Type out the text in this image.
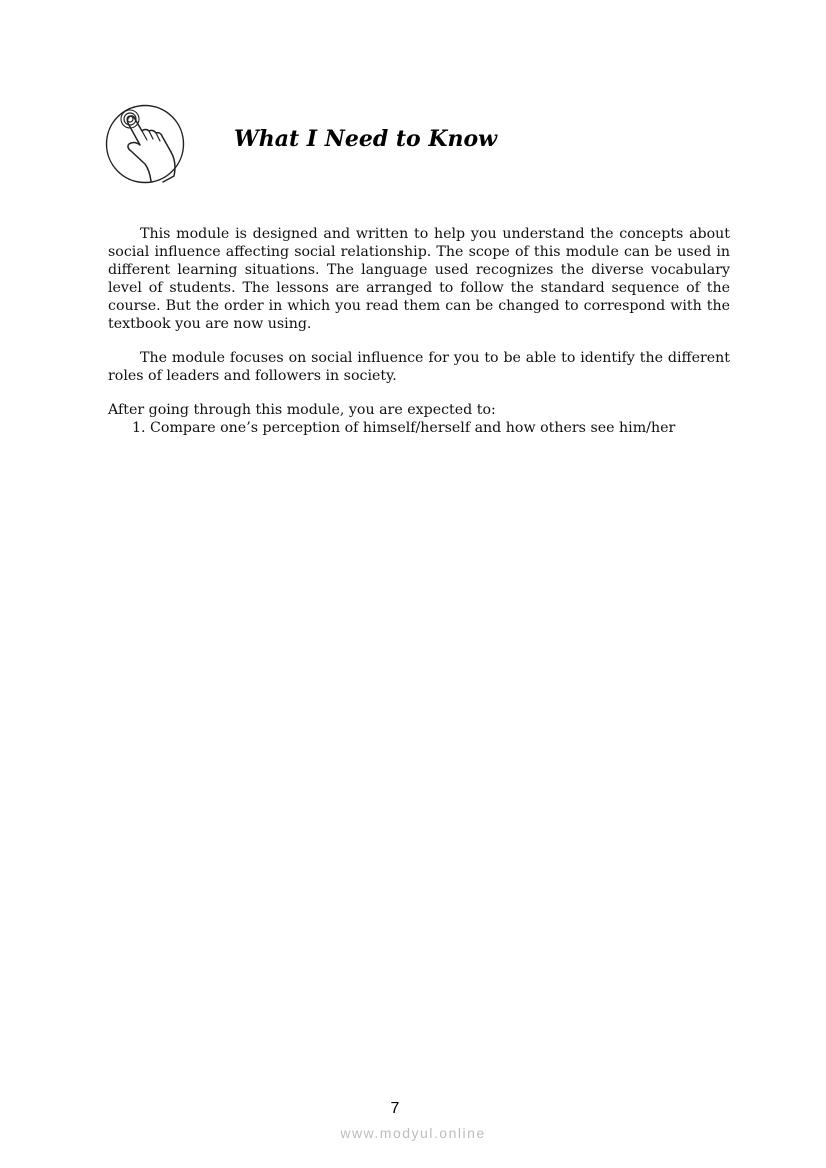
What I Need to Know

This module is designed and written to help you understand the concepts about social influence affecting social relationship. The scope of this module can be used in different learning situations. The language used recognizes the diverse vocabulary level of students. The lessons are arranged to follow the standard sequence of the course. But the order in which you read them can be changed to correspond with the textbook you are now using.

The module focuses on social influence for you to be able to identify the different roles of leaders and followers in society.

After going through this module, you are expected to:

1. Compare one’s perception of himself/herself and how others see him/her
7
www.modyul.online
